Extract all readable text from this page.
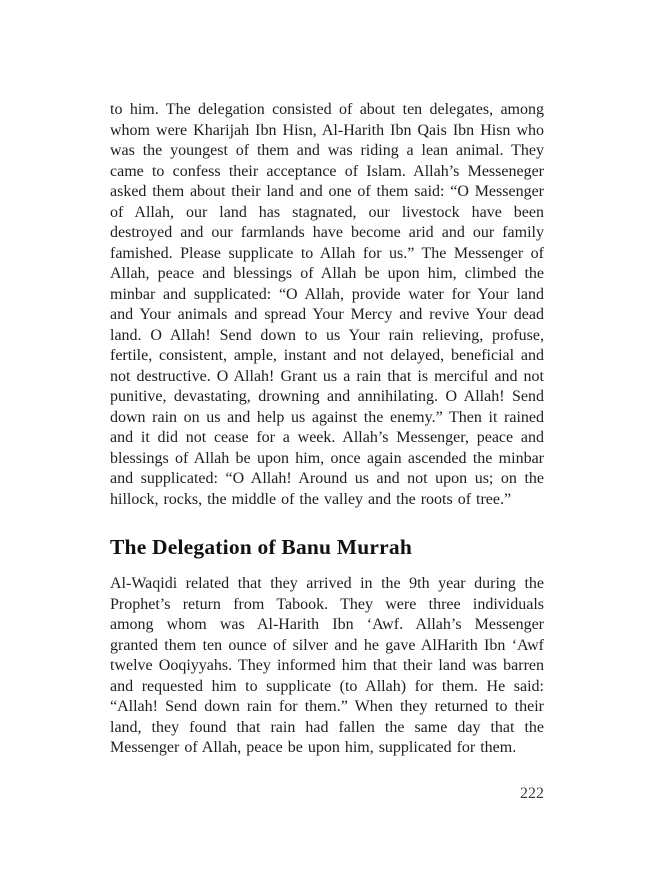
to him. The delegation consisted of about ten delegates, among
whom were Kharijah Ibn Hisn, Al-Harith Ibn Qais Ibn Hisn who
was the youngest of them and was riding a lean animal. They
came to confess their acceptance of Islam. Allah’s Messeneger
asked them about their land and one of them said: “O Messenger
of Allah, our land has stagnated, our livestock have been
destroyed and our farmlands have become arid and our family
famished. Please supplicate to Allah for us.” The Messenger of
Allah, peace and blessings of Allah be upon him, climbed the
minbar and supplicated: “O Allah, provide water for Your land
and Your animals and spread Your Mercy and revive Your dead
land. O Allah! Send down to us Your rain relieving, profuse,
fertile, consistent, ample, instant and not delayed, beneficial and
not destructive. O Allah! Grant us a rain that is merciful and not
punitive, devastating, drowning and annihilating. O Allah! Send
down rain on us and help us against the enemy.” Then it rained
and it did not cease for a week. Allah’s Messenger, peace and
blessings of Allah be upon him, once again ascended the minbar
and supplicated: “O Allah! Around us and not upon us; on the
hillock, rocks, the middle of the valley and the roots of tree.”
The Delegation of Banu Murrah
Al-Waqidi related that they arrived in the 9th year during the
Prophet’s return from Tabook. They were three individuals
among whom was Al-Harith Ibn ‘Awf. Allah’s Messenger
granted them ten ounce of silver and he gave AlHarith Ibn ‘Awf
twelve Ooqiyyahs. They informed him that their land was barren
and requested him to supplicate (to Allah) for them. He said:
“Allah! Send down rain for them.” When they returned to their
land, they found that rain had fallen the same day that the
Messenger of Allah, peace be upon him, supplicated for them.
222
